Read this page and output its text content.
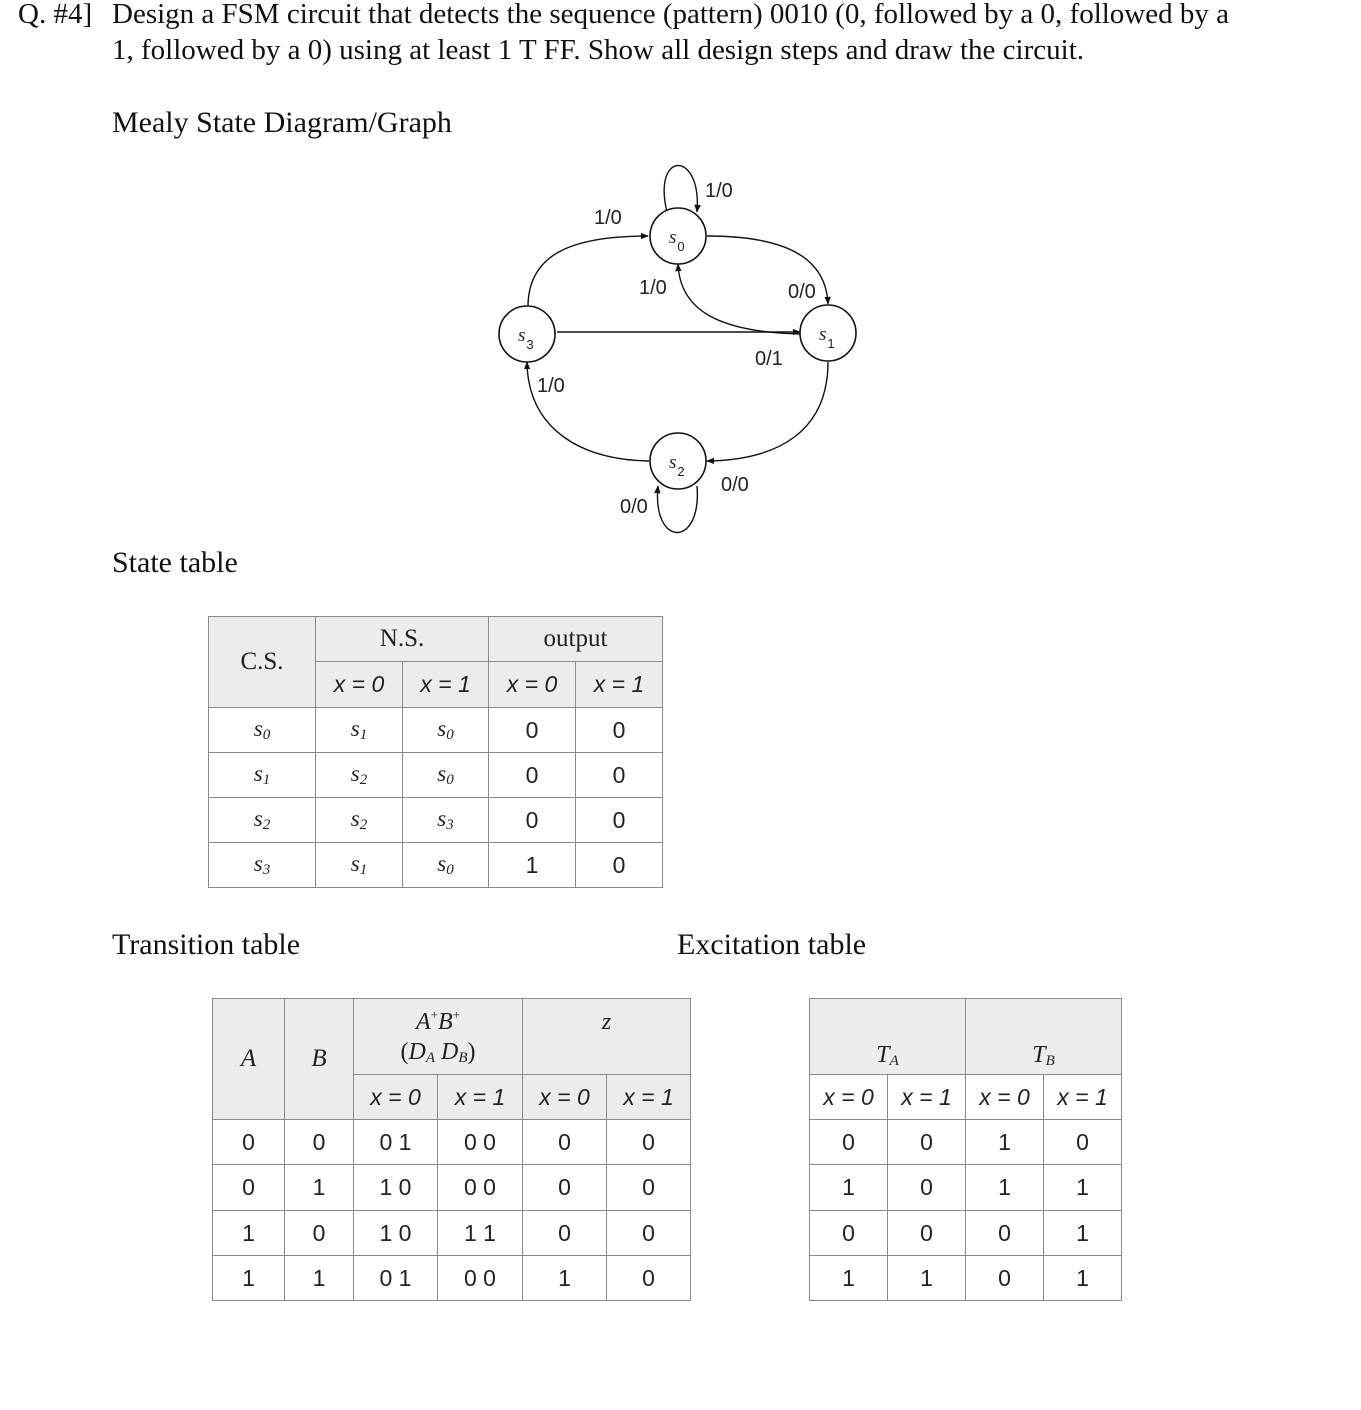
Q. #4] Design a FSM circuit that detects the sequence (pattern) 0010 (0, followed by a 0, followed by a
1, followed by a 0) using at least 1 T FF. Show all design steps and draw the circuit.
Mealy State Diagram/Graph
State table
Transition table	Excitation table
$s_0$
$s_1$
$s_2$
$s_3$
1/0
1/0
1/0	0/0
0/1
1/0
0/0
0/0
C.S.	N.S.		output	
	x = 0	x = 1	x = 0	x = 1
s0	s1	s0	0	0
s1	s2	s0	0	0
s2	s2	s3	0	0
s3	s1	s0	1	0
A	B	A+B+
(DA DB)		z	
		x = 0	x = 1	x = 0	x = 1
0	0	0 1	0 0	0	0
0	1	1 0	0 0	0	0
1	0	1 0	1 1	0	0
1	1	0 1	0 0	1	0
TA		TB	
x = 0	x = 1	x = 0	x = 1
0	0	1	0
1	0	1	1
0	0	0	1
1	1	0	1
